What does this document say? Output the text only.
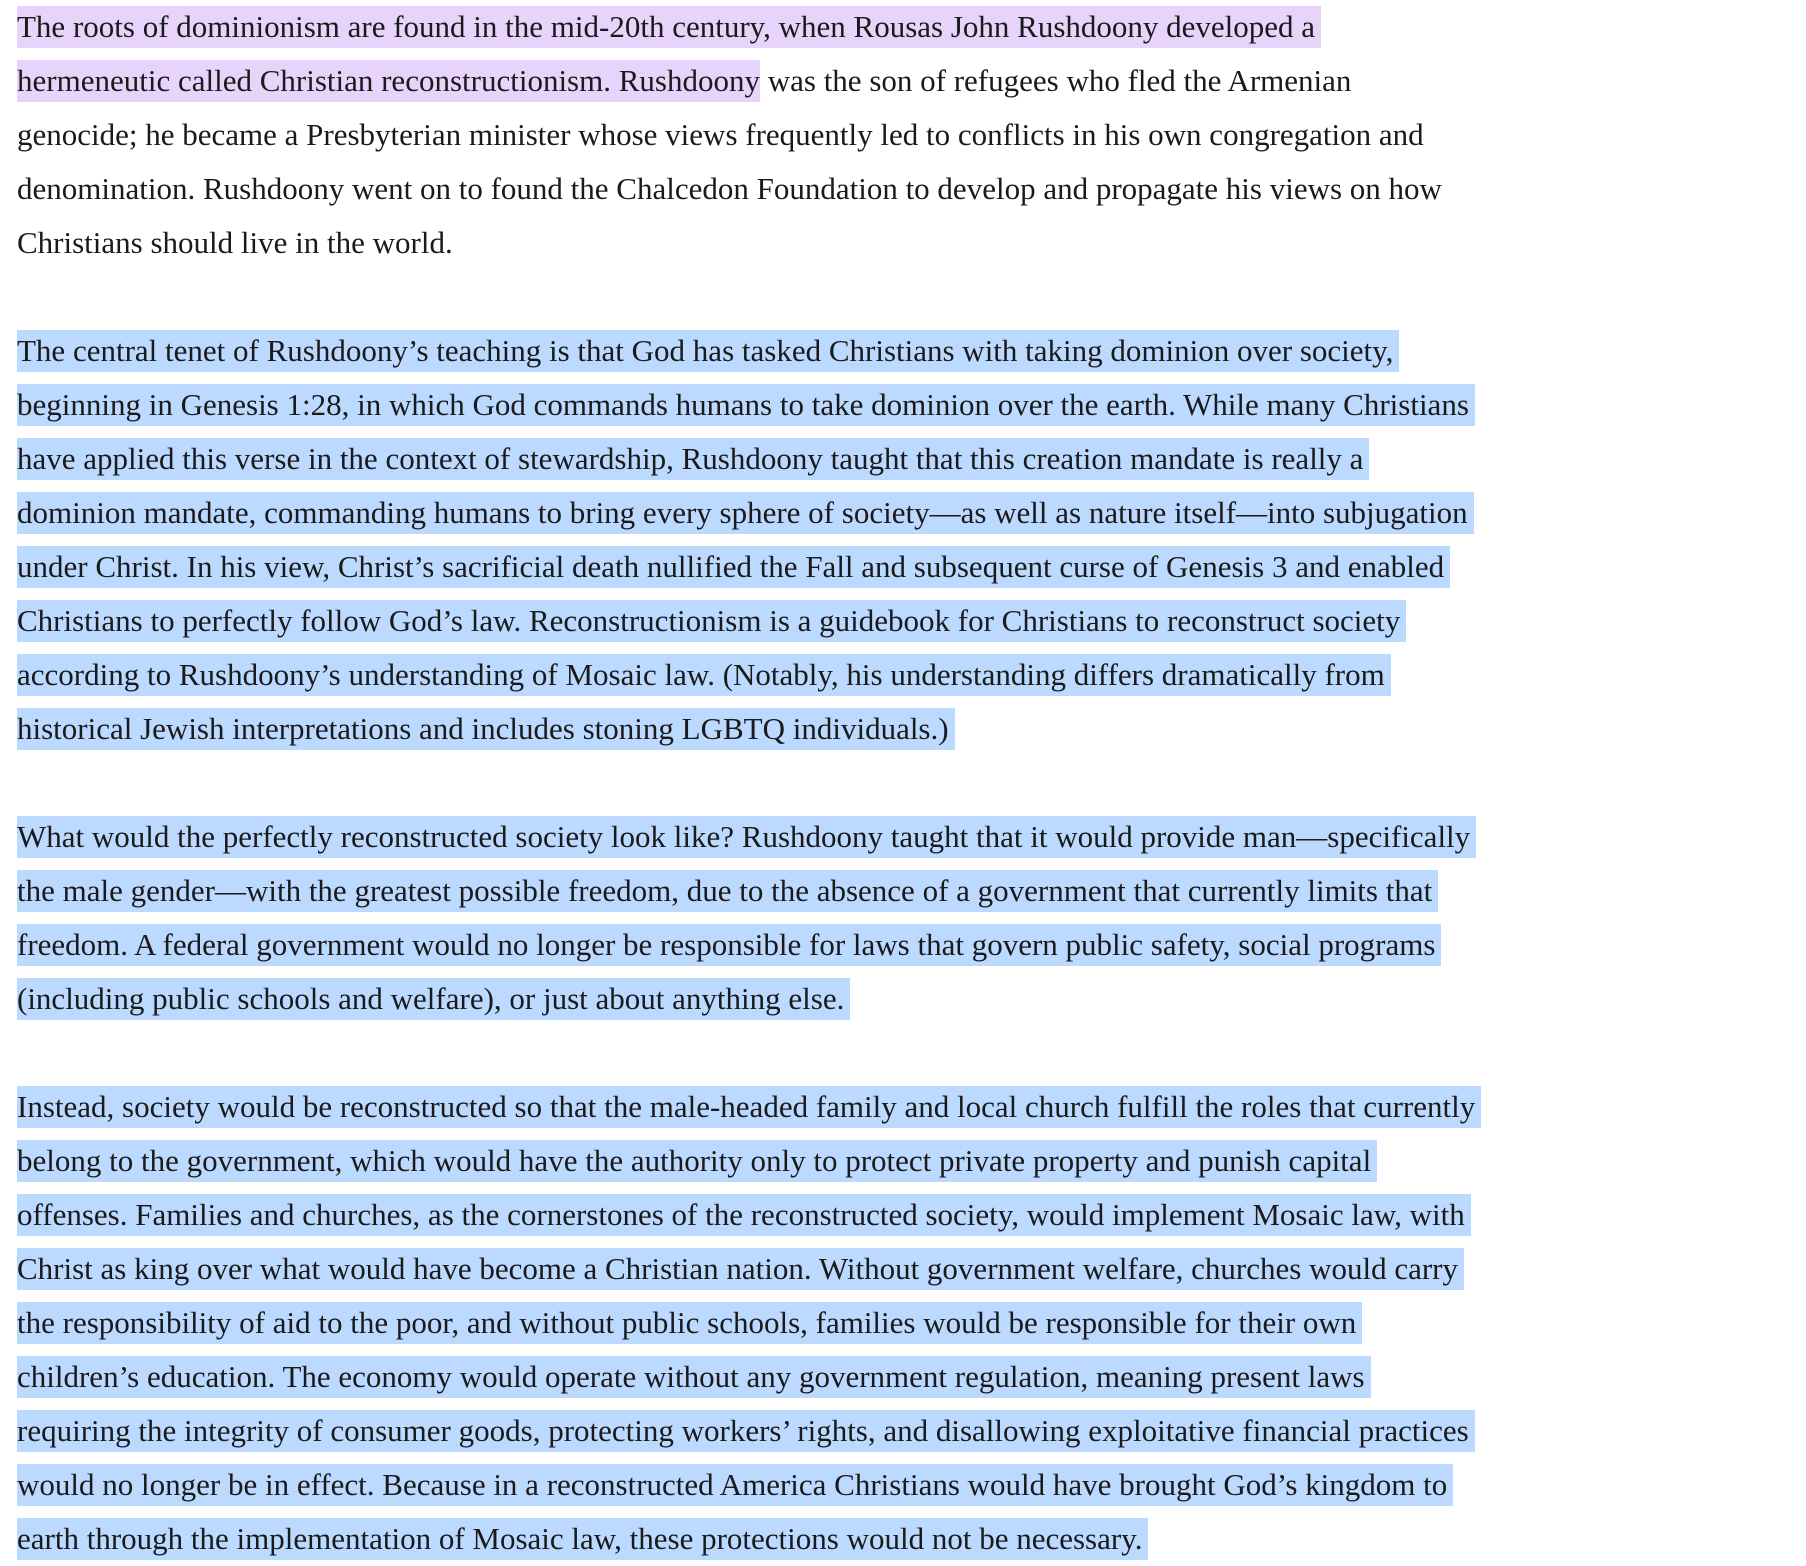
The roots of dominionism are found in the mid-20th century, when Rousas John Rushdoony developed a
hermeneutic called Christian reconstructionism. Rushdoony was the son of refugees who fled the Armenian
genocide; he became a Presbyterian minister whose views frequently led to conflicts in his own congregation and
denomination. Rushdoony went on to found the Chalcedon Foundation to develop and propagate his views on how
Christians should live in the world.
The central tenet of Rushdoony’s teaching is that God has tasked Christians with taking dominion over society,
beginning in Genesis 1:28, in which God commands humans to take dominion over the earth. While many Christians
have applied this verse in the context of stewardship, Rushdoony taught that this creation mandate is really a
dominion mandate, commanding humans to bring every sphere of society—as well as nature itself—into subjugation
under Christ. In his view, Christ’s sacrificial death nullified the Fall and subsequent curse of Genesis 3 and enabled
Christians to perfectly follow God’s law. Reconstructionism is a guidebook for Christians to reconstruct society
according to Rushdoony’s understanding of Mosaic law. (Notably, his understanding differs dramatically from
historical Jewish interpretations and includes stoning LGBTQ individuals.)
What would the perfectly reconstructed society look like? Rushdoony taught that it would provide man—specifically
the male gender—with the greatest possible freedom, due to the absence of a government that currently limits that
freedom. A federal government would no longer be responsible for laws that govern public safety, social programs
(including public schools and welfare), or just about anything else.
Instead, society would be reconstructed so that the male-headed family and local church fulfill the roles that currently
belong to the government, which would have the authority only to protect private property and punish capital
offenses. Families and churches, as the cornerstones of the reconstructed society, would implement Mosaic law, with
Christ as king over what would have become a Christian nation. Without government welfare, churches would carry
the responsibility of aid to the poor, and without public schools, families would be responsible for their own
children’s education. The economy would operate without any government regulation, meaning present laws
requiring the integrity of consumer goods, protecting workers’ rights, and disallowing exploitative financial practices
would no longer be in effect. Because in a reconstructed America Christians would have brought God’s kingdom to
earth through the implementation of Mosaic law, these protections would not be necessary.
